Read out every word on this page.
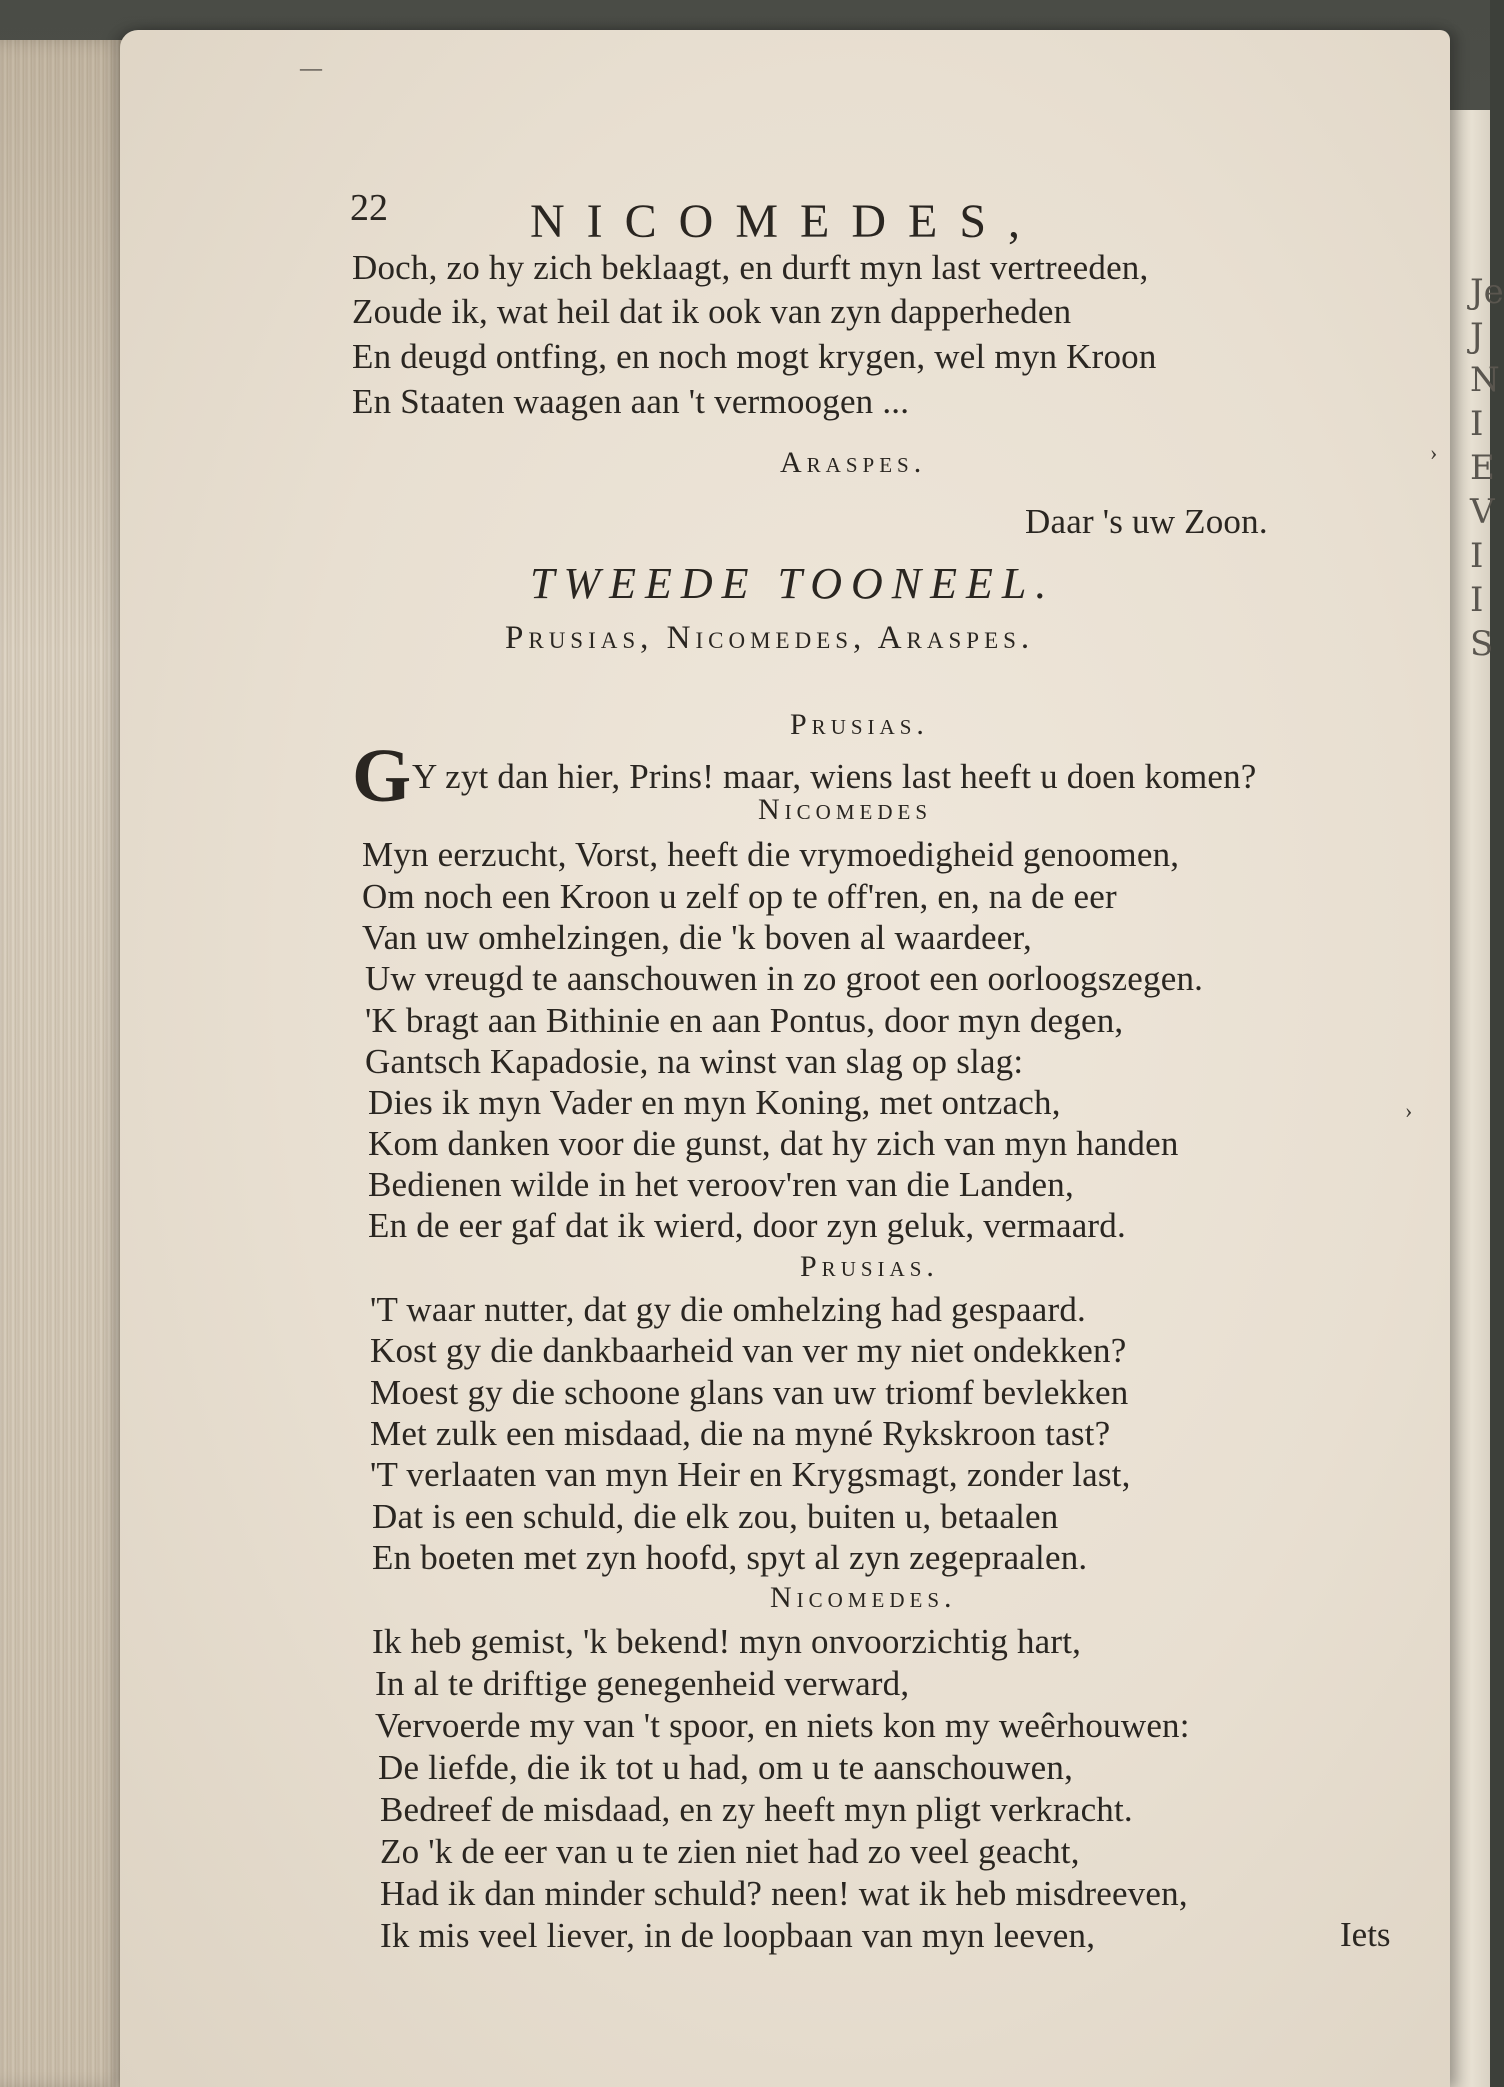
Je
J
N
I
E
V
I
I
S
22	NICOMEDES,
Doch, zo hy zich beklaagt, en durft myn last vertreeden,
Zoude ik, wat heil dat ik ook van zyn dapperheden
En deugd ontfing, en noch mogt krygen, wel myn Kroon
En Staaten waagen aan 't vermoogen ...
Araspes.
Daar 's uw Zoon.
TWEEDE TOONEEL.
Prusias, Nicomedes, Araspes.
Prusias.
G Y zyt dan hier, Prins! maar, wiens last heeft u doen komen?
Nicomedes
Myn eerzucht, Vorst, heeft die vrymoedigheid genoomen,
Om noch een Kroon u zelf op te off'ren, en, na de eer
Van uw omhelzingen, die 'k boven al waardeer,
Uw vreugd te aanschouwen in zo groot een oorloogszegen.
'K bragt aan Bithinie en aan Pontus, door myn degen,
Gantsch Kapadosie, na winst van slag op slag:
Dies ik myn Vader en myn Koning, met ontzach,
Kom danken voor die gunst, dat hy zich van myn handen
Bedienen wilde in het veroov'ren van die Landen,
En de eer gaf dat ik wierd, door zyn geluk, vermaard.
Prusias.
'T waar nutter, dat gy die omhelzing had gespaard.
Kost gy die dankbaarheid van ver my niet ondekken?
Moest gy die schoone glans van uw triomf bevlekken
Met zulk een misdaad, die na myné Rykskroon tast?
'T verlaaten van myn Heir en Krygsmagt, zonder last,
Dat is een schuld, die elk zou, buiten u, betaalen
En boeten met zyn hoofd, spyt al zyn zegepraalen.
Nicomedes.
Ik heb gemist, 'k bekend! myn onvoorzichtig hart,
In al te driftige genegenheid verward,
Vervoerde my van 't spoor, en niets kon my weêrhouwen:
De liefde, die ik tot u had, om u te aanschouwen,
Bedreef de misdaad, en zy heeft myn pligt verkracht.
Zo 'k de eer van u te zien niet had zo veel geacht,
Had ik dan minder schuld? neen! wat ik heb misdreeven,
Ik mis veel liever, in de loopbaan van myn leeven,	Iets
—
›
›
